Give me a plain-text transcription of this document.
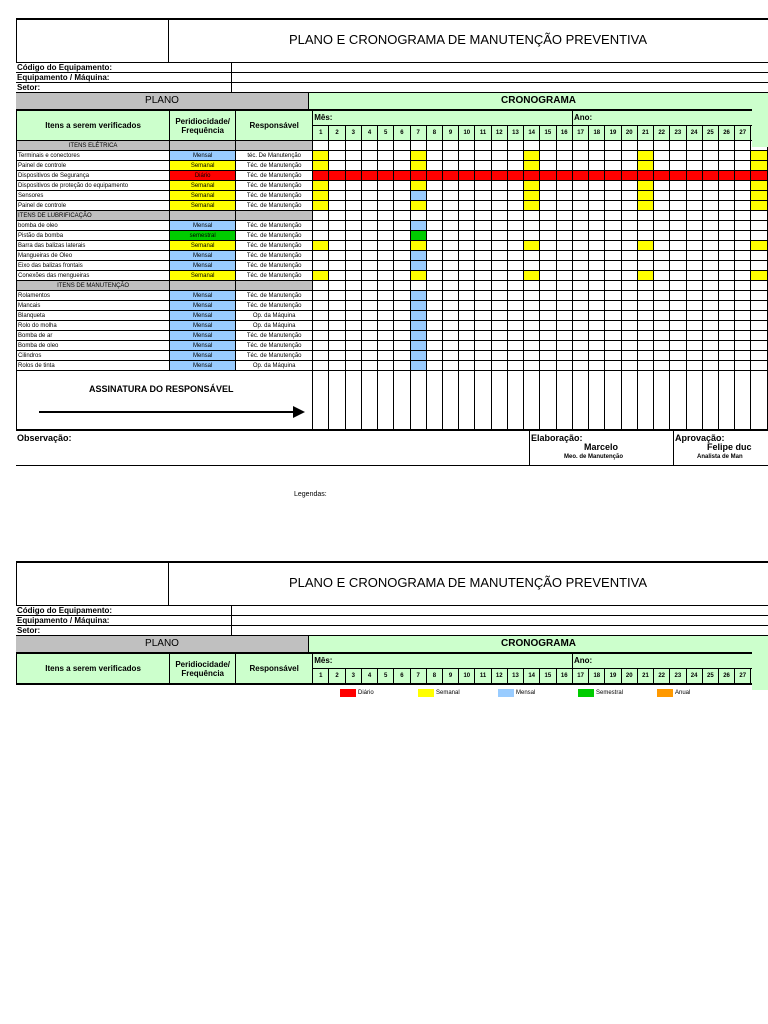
PLANO E CRONOGRAMA DE MANUTENÇÃO PREVENTIVA
Código do Equipamento:
Equipamento / Máquina:
Setor:
PLANO	CRONOGRAMA
Itens a serem verificados	Peridiocidade/ Frequência	Responsável	Mês:																Ano:											
			1	2	3	4	5	6	7	8	9	10	11	12	13	14	15	16	17	18	19	20	21	22	23	24	25	26	27	
ITENS ELÉTRICA																														
Terminais e conectores	Mensal	téc. De Manutenção																												
Painel de controle	Semanal	Téc. de Manutenção																												
Dispositivos de Segurança	Diário	Téc. de Manutenção																												
Dispositivos de proteção do equipamento	Semanal	Téc. de Manutenção																												
Sensores	Semanal	Téc. de Manutenção																												
Painel de controle	Semanal	Téc. de Manutenção																												
ITENS DE LUBRIFICAÇÃO																														
bomba de oleo	Mensal	Téc. de Manutenção																												
Pistão da bomba	semestral	Téc. de Manutenção																												
Barra das balizas laterais	Semanal	Téc. de Manutenção																												
Mangueiras de Oleo	Mensal	Téc. de Manutenção																												
Eixo das balizas frontais	Mensal	Téc. de Manutenção																												
Conexões das mengueiras	Semanal	Téc. de Manutenção																												
ITENS DE MANUTENÇÃO																														
Rolamentos	Mensal	Téc. de Manutenção																												
Mancais	Mensal	Téc. de Manutenção																												
Blanqueta	Mensal	Op. da Máquina																												
Rolo do molha	Mensal	Op. da Máquina																												
Bomba de ar	Mensal	Téc. de Manutenção																												
Bomba de oleo	Mensal	Téc. de Manutenção																												
Cilindros	Mensal	Téc. de Manutenção																												
Rolos de tinta	Mensal	Op. da Máquina																												

ASSINATURA DO RESPONSÁVEL																														

Observação:	Elaboração:
Marcelo
Meo. de Manutenção
Aprovação:
Felipe duc
Analista de Man
Legendas:
PLANO E CRONOGRAMA DE MANUTENÇÃO PREVENTIVA
Código do Equipamento:
Equipamento / Máquina:
Setor:
PLANO	CRONOGRAMA
Itens a serem verificados	Peridiocidade/ Frequência	Responsável	Mês:																Ano:											
			1	2	3	4	5	6	7	8	9	10	11	12	13	14	15	16	17	18	19	20	21	22	23	24	25	26	27	
Diário	Semanal	Mensal	Semestral	Anual
